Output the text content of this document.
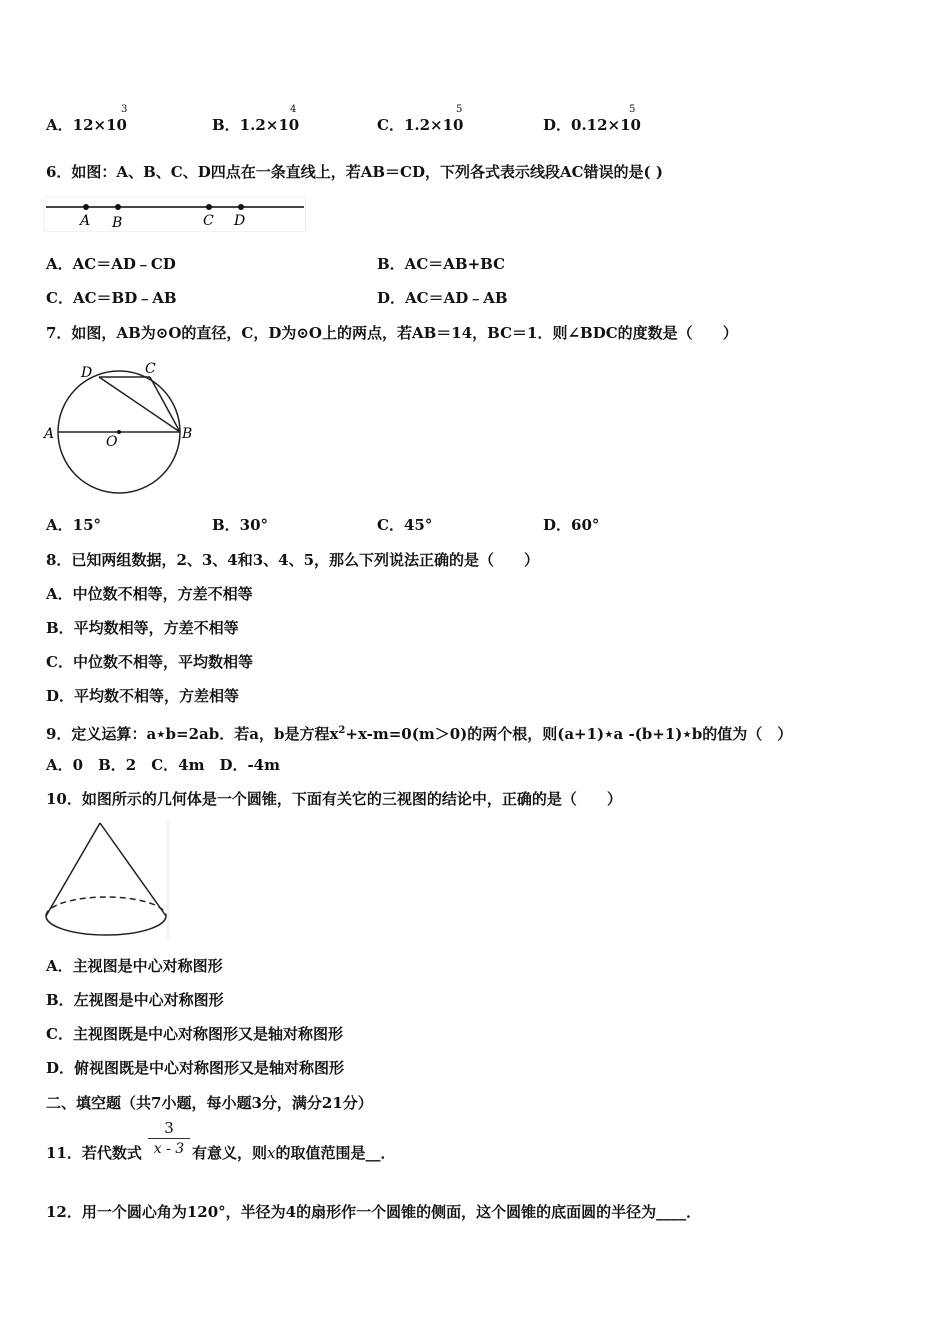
A．12×10
3
B．1.2×10
4
C．1.2×10
5
D．0.12×10
5
6．如图：A、B、C、D四点在一条直线上，若AB＝CD，下列各式表示线段AC错误的是( )
A B	C D
A．AC＝AD﹣CD	B．AC＝AB+BC
C．AC＝BD﹣AB	D．AC＝AD﹣AB
7．如图，AB为⊙O的直径，C，D为⊙O上的两点，若AB＝14，BC＝1．则∠BDC的度数是（　　）
D	C
A	O	B
A．15°	B．30°	C．45°	D．60°
8．已知两组数据，2、3、4和3、4、5，那么下列说法正确的是（　　）
A．中位数不相等，方差不相等
B．平均数相等，方差不相等
C．中位数不相等，平均数相等
D．平均数不相等，方差相等
9．定义运算：a⋆b=2ab．若a，b是方程$x^2+x-m=0(m>0)$的两个根，则(a+1)⋆a -(b+1)⋆b的值为（　）
A．0　B．2　C．4m　D．-4m
10．如图所示的几何体是一个圆锥，下面有关它的三视图的结论中，正确的是（　　）
A．主视图是中心对称图形
B．左视图是中心对称图形
C．主视图既是中心对称图形又是轴对称图形
D．俯视图既是中心对称图形又是轴对称图形
二、填空题（共7小题，每小题3分，满分21分）
11．若代数式 $\frac{3}{x - 3}$ 有意义，则x的取值范围是__．
12．用一个圆心角为120°，半径为4的扇形作一个圆锥的侧面，这个圆锥的底面圆的半径为____．
